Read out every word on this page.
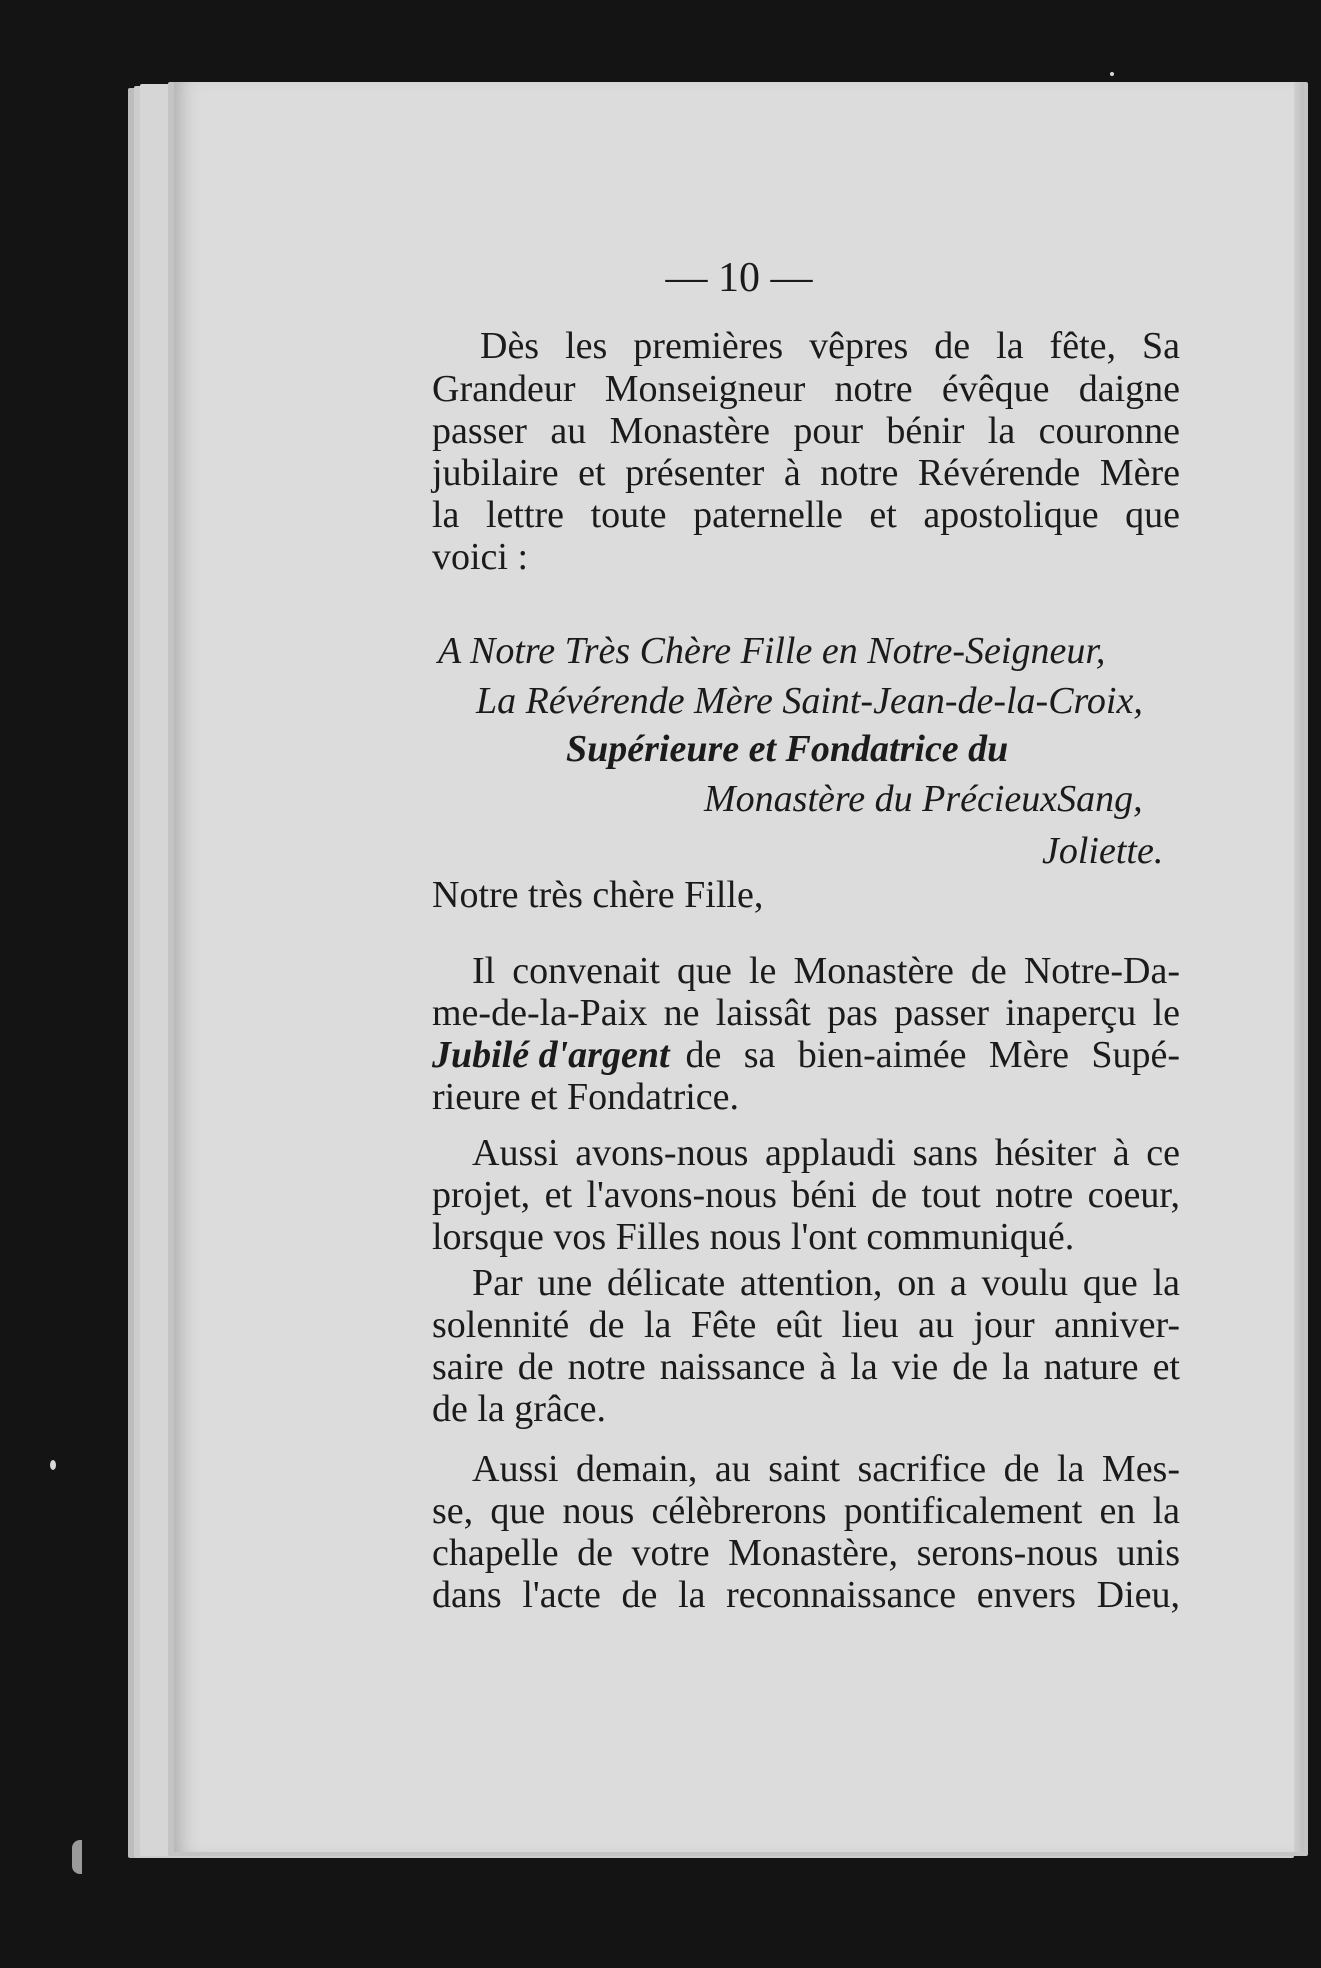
— 10 —
Dès les premières vêpres de la fête, Sa
Grandeur Monseigneur notre évêque daigne
passer au Monastère pour bénir la couronne
jubilaire et présenter à notre Révérende Mère
la lettre toute paternelle et apostolique que
voici :
A Notre Très Chère Fille en Notre-Seigneur,
La Révérende Mère Saint-Jean-de-la-Croix,
Supérieure et Fondatrice du
Monastère du PrécieuxSang,
Joliette.
Notre très chère Fille,
Il convenait que le Monastère de Notre-Da-
me-de-la-Paix ne laissât pas passer inaperçu le
Jubilé d'argent de sa bien-aimée Mère Supé-
rieure et Fondatrice.
Aussi avons-nous applaudi sans hésiter à ce
projet, et l'avons-nous béni de tout notre coeur,
lorsque vos Filles nous l'ont communiqué.
Par une délicate attention, on a voulu que la
solennité de la Fête eût lieu au jour anniver-
saire de notre naissance à la vie de la nature et
de la grâce.
Aussi demain, au saint sacrifice de la Mes-
se, que nous célèbrerons pontificalement en la
chapelle de votre Monastère, serons-nous unis
dans l'acte de la reconnaissance envers Dieu,
